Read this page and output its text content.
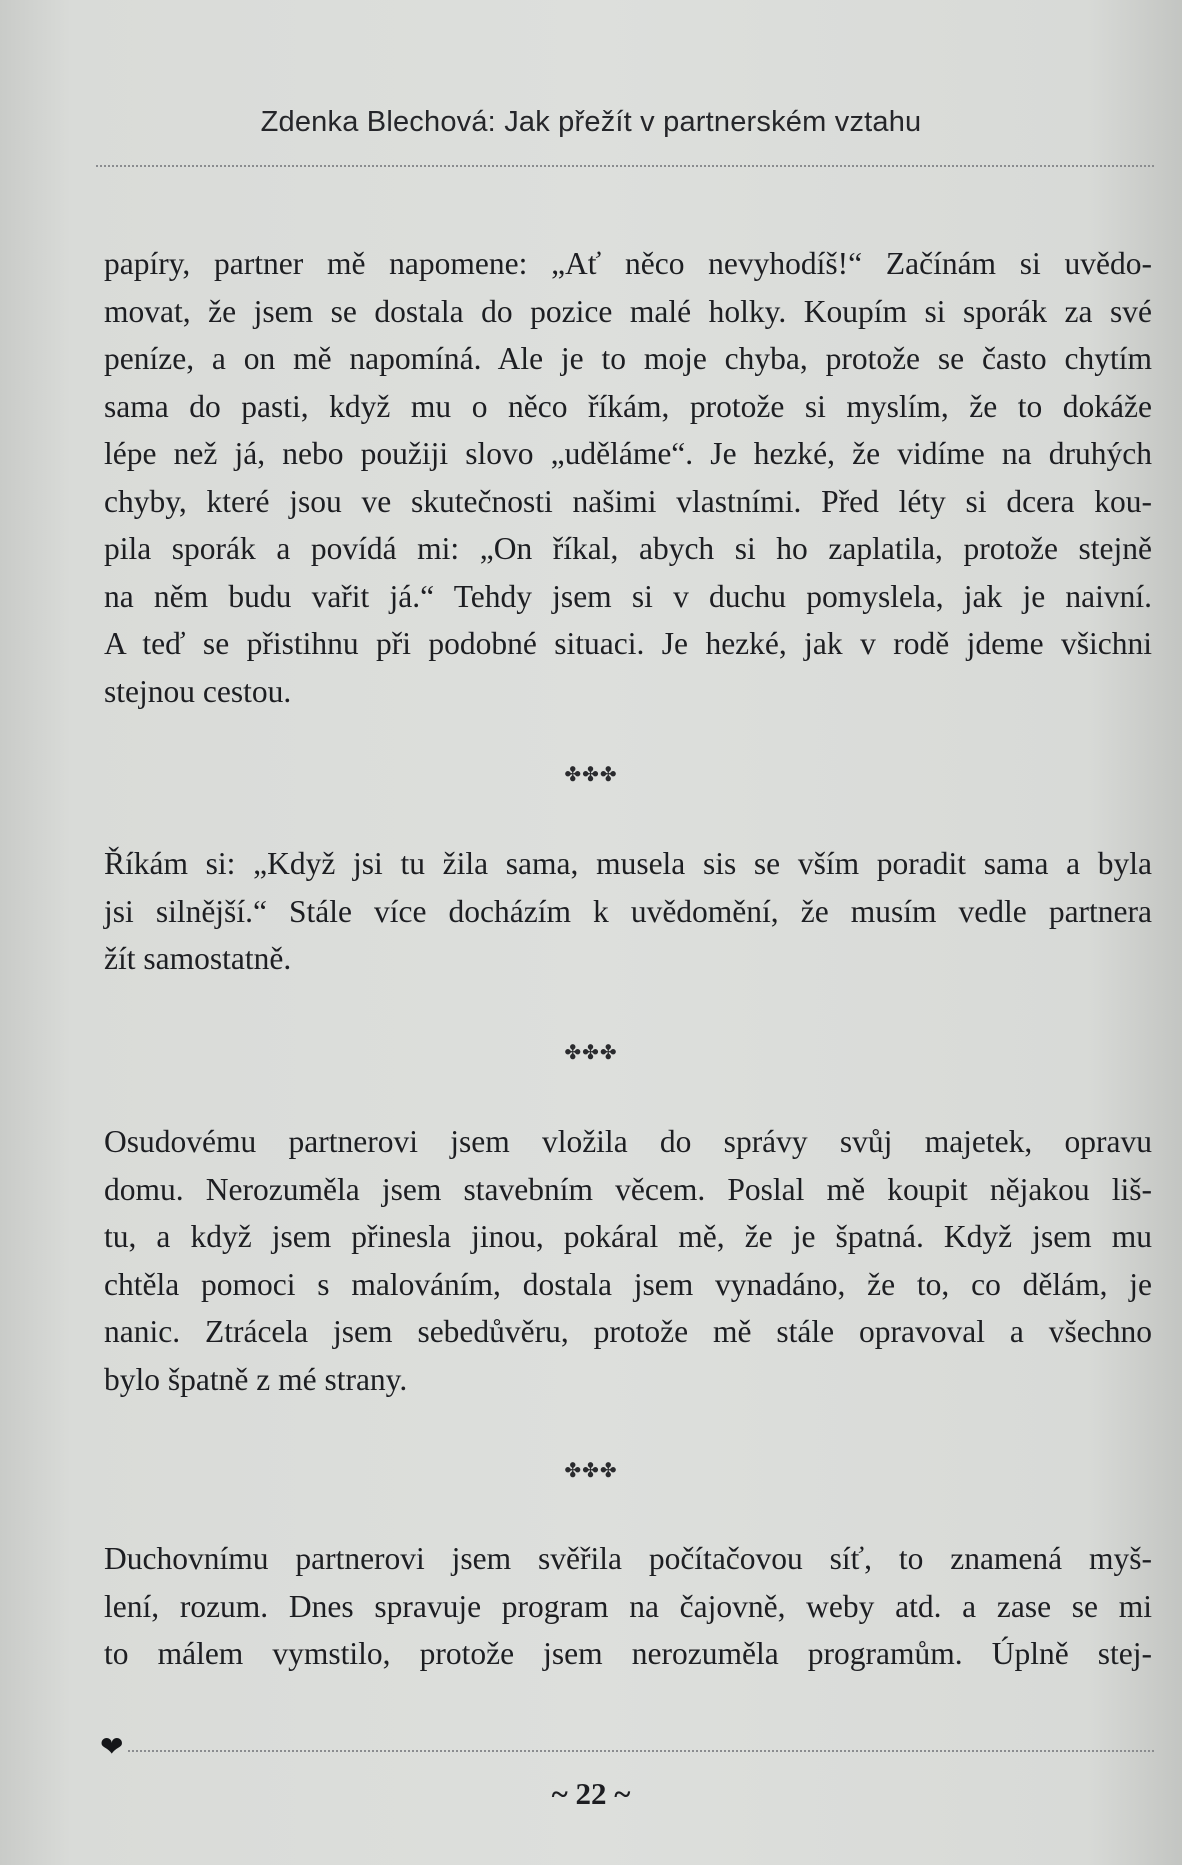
Zdenka Blechová: Jak přežít v partnerském vztahu
papíry, partner mě napomene: „Ať něco nevyhodíš!“ Začínám si uvědo-
movat, že jsem se dostala do pozice malé holky. Koupím si sporák za své
peníze, a on mě napomíná. Ale je to moje chyba, protože se často chytím
sama do pasti, když mu o něco říkám, protože si myslím, že to dokáže
lépe než já, nebo použiji slovo „uděláme“. Je hezké, že vidíme na druhých
chyby, které jsou ve skutečnosti našimi vlastními. Před léty si dcera kou-
pila sporák a povídá mi: „On říkal, abych si ho zaplatila, protože stejně
na něm budu vařit já.“ Tehdy jsem si v duchu pomyslela, jak je naivní.
A teď se přistihnu při podobné situaci. Je hezké, jak v rodě jdeme všichni
stejnou cestou.
✤✤✤
Říkám si: „Když jsi tu žila sama, musela sis se vším poradit sama a byla
jsi silnější.“ Stále více docházím k uvědomění, že musím vedle partnera
žít samostatně.
✤✤✤
Osudovému partnerovi jsem vložila do správy svůj majetek, opravu
domu. Nerozuměla jsem stavebním věcem. Poslal mě koupit nějakou liš-
tu, a když jsem přinesla jinou, pokáral mě, že je špatná. Když jsem mu
chtěla pomoci s malováním, dostala jsem vynadáno, že to, co dělám, je
nanic. Ztrácela jsem sebedůvěru, protože mě stále opravoval a všechno
bylo špatně z mé strany.
✤✤✤
Duchovnímu partnerovi jsem svěřila počítačovou síť, to znamená myš-
lení, rozum. Dnes spravuje program na čajovně, weby atd. a zase se mi
to málem vymstilo, protože jsem nerozuměla programům. Úplně stej-
❤
~ 22 ~
